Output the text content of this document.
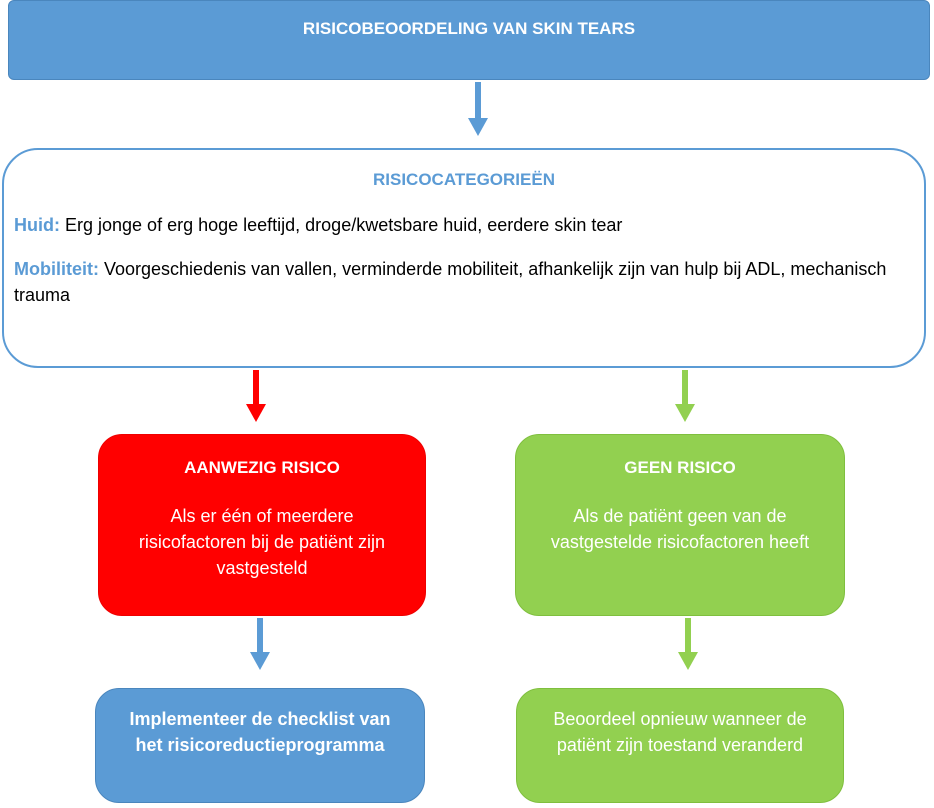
RISICOBEOORDELING VAN SKIN TEARS
RISICOCATEGORIEËN
Huid: Erg jonge of erg hoge leeftijd, droge/kwetsbare huid, eerdere skin tear
Mobiliteit: Voorgeschiedenis van vallen, verminderde mobiliteit, afhankelijk zijn van hulp bij ADL, mechanisch trauma
AANWEZIG RISICO
Als er één of meerdere risicofactoren bij de patiënt zijn vastgesteld
GEEN RISICO
Als de patiënt geen van de vastgestelde risicofactoren heeft
Implementeer de checklist van het risicoreductieprogramma
Beoordeel opnieuw wanneer de patiënt zijn toestand veranderd
